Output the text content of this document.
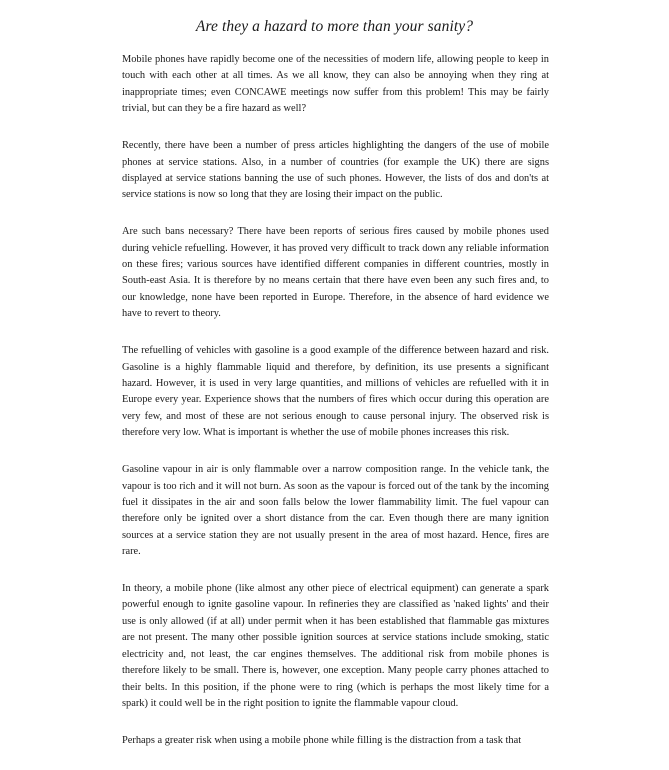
Are they a hazard to more than your sanity?

Mobile phones have rapidly become one of the necessities of modern life, allowing people to keep in touch with each other at all times. As we all know, they can also be annoying when they ring at inappropriate times; even CONCAWE meetings now suffer from this problem! This may be fairly trivial, but can they be a fire hazard as well?

Recently, there have been a number of press articles highlighting the dangers of the use of mobile phones at service stations. Also, in a number of countries (for example the UK) there are signs displayed at service stations banning the use of such phones. However, the lists of dos and don'ts at service stations is now so long that they are losing their impact on the public.

Are such bans necessary? There have been reports of serious fires caused by mobile phones used during vehicle refuelling. However, it has proved very difficult to track down any reliable information on these fires; various sources have identified different companies in different countries, mostly in South-east Asia. It is therefore by no means certain that there have even been any such fires and, to our knowledge, none have been reported in Europe. Therefore, in the absence of hard evidence we have to revert to theory.

The refuelling of vehicles with gasoline is a good example of the difference between hazard and risk. Gasoline is a highly flammable liquid and therefore, by definition, its use presents a significant hazard. However, it is used in very large quantities, and millions of vehicles are refuelled with it in Europe every year. Experience shows that the numbers of fires which occur during this operation are very few, and most of these are not serious enough to cause personal injury. The observed risk is therefore very low. What is important is whether the use of mobile phones increases this risk.

Gasoline vapour in air is only flammable over a narrow composition range. In the vehicle tank, the vapour is too rich and it will not burn. As soon as the vapour is forced out of the tank by the incoming fuel it dissipates in the air and soon falls below the lower flammability limit. The fuel vapour can therefore only be ignited over a short distance from the car. Even though there are many ignition sources at a service station they are not usually present in the area of most hazard. Hence, fires are rare.

In theory, a mobile phone (like almost any other piece of electrical equipment) can generate a spark powerful enough to ignite gasoline vapour. In refineries they are classified as 'naked lights' and their use is only allowed (if at all) under permit when it has been established that flammable gas mixtures are not present. The many other possible ignition sources at service stations include smoking, static electricity and, not least, the car engines themselves. The additional risk from mobile phones is therefore likely to be small. There is, however, one exception. Many people carry phones attached to their belts. In this position, if the phone were to ring (which is perhaps the most likely time for a spark) it could well be in the right position to ignite the flammable vapour cloud.

Perhaps a greater risk when using a mobile phone while filling is the distraction from a task that
